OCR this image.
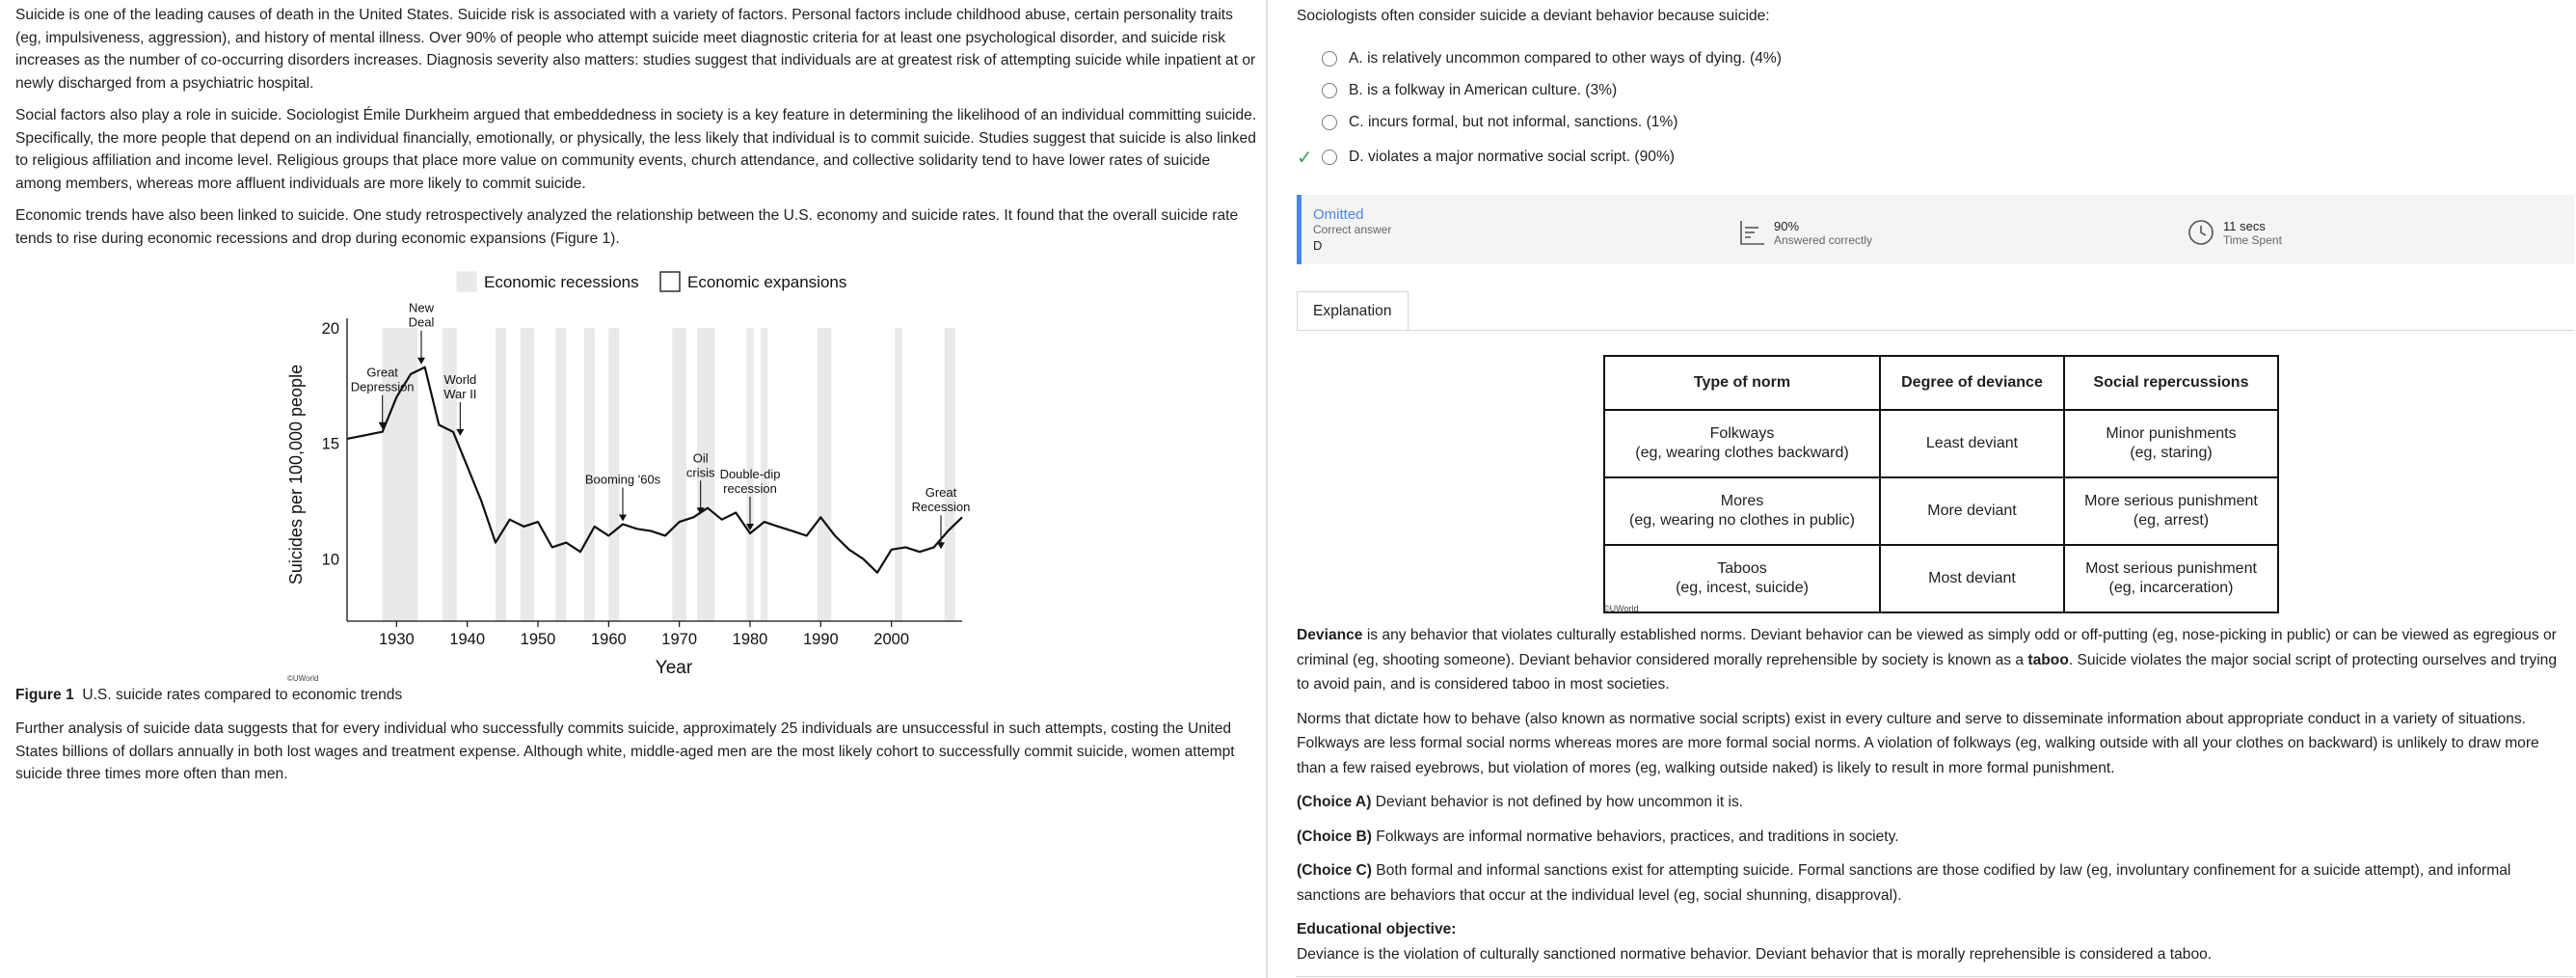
Suicide is one of the leading causes of death in the United States. Suicide risk is associated with a variety of factors. Personal factors include childhood abuse, certain personality traits (eg, impulsiveness, aggression), and history of mental illness. Over 90% of people who attempt suicide meet diagnostic criteria for at least one psychological disorder, and suicide risk increases as the number of co-occurring disorders increases. Diagnosis severity also matters: studies suggest that individuals are at greatest risk of attempting suicide while inpatient at or newly discharged from a psychiatric hospital.

Social factors also play a role in suicide. Sociologist Émile Durkheim argued that embeddedness in society is a key feature in determining the likelihood of an individual committing suicide. Specifically, the more people that depend on an individual financially, emotionally, or physically, the less likely that individual is to commit suicide. Studies suggest that suicide is also linked to religious affiliation and income level. Religious groups that place more value on community events, church attendance, and collective solidarity tend to have lower rates of suicide among members, whereas more affluent individuals are more likely to commit suicide.

Economic trends have also been linked to suicide. One study retrospectively analyzed the relationship between the U.S. economy and suicide rates. It found that the overall suicide rate tends to rise during economic recessions and drop during economic expansions (Figure 1).

Economic recessions	Economic expansions
1930 1940 1950 1960 1970 1980 1990 2000
10
15
20
Year
Suicides per 100,000 people	Great
Depression
New
Deal
World
War II
Booming '60s
Oil
crisis Double-dip
recession	Great
Recession
©UWorld
Figure 1 U.S. suicide rates compared to economic trends

Further analysis of suicide data suggests that for every individual who successfully commits suicide, approximately 25 individuals are unsuccessful in such attempts, costing the United States billions of dollars annually in both lost wages and treatment expense. Although white, middle-aged men are the most likely cohort to successfully commit suicide, women attempt suicide three times more often than men.

Sociologists often consider suicide a deviant behavior because suicide:
A.
is relatively uncommon compared to other ways of dying.
(4%)
B.
is a folkway in American culture.
(3%)
C.
incurs formal, but not informal, sanctions.
(1%)
✓ D.
violates a major normative social script.
(90%)
Omitted
Correct answer
D
90%
Answered correctly
11 secs
Time Spent
Explanation
Type of norm	Degree of deviance	Social repercussions
Folkways
(eg, wearing clothes backward)	Least deviant	Minor punishments
(eg, staring)
Mores
(eg, wearing no clothes in public)	More deviant	More serious punishment
(eg, arrest)
Taboos
(eg, incest, suicide)	Most deviant	Most serious punishment
(eg, incarceration)
©UWorld

Deviance is any behavior that violates culturally established norms. Deviant behavior can be viewed as simply odd or off-putting (eg, nose-picking in public) or can be viewed as egregious or criminal (eg, shooting someone). Deviant behavior considered morally reprehensible by society is known as a taboo. Suicide violates the major social script of protecting ourselves and trying to avoid pain, and is considered taboo in most societies.

Norms that dictate how to behave (also known as normative social scripts) exist in every culture and serve to disseminate information about appropriate conduct in a variety of situations. Folkways are less formal social norms whereas mores are more formal social norms. A violation of folkways (eg, walking outside with all your clothes on backward) is unlikely to draw more than a few raised eyebrows, but violation of mores (eg, walking outside naked) is likely to result in more formal punishment.

(Choice A) Deviant behavior is not defined by how uncommon it is.

(Choice B) Folkways are informal normative behaviors, practices, and traditions in society.

(Choice C) Both formal and informal sanctions exist for attempting suicide. Formal sanctions are those codified by law (eg, involuntary confinement for a suicide attempt), and informal sanctions are behaviors that occur at the individual level (eg, social shunning, disapproval).

Educational objective:

Deviance is the violation of culturally sanctioned normative behavior. Deviant behavior that is morally reprehensible is considered a taboo.
